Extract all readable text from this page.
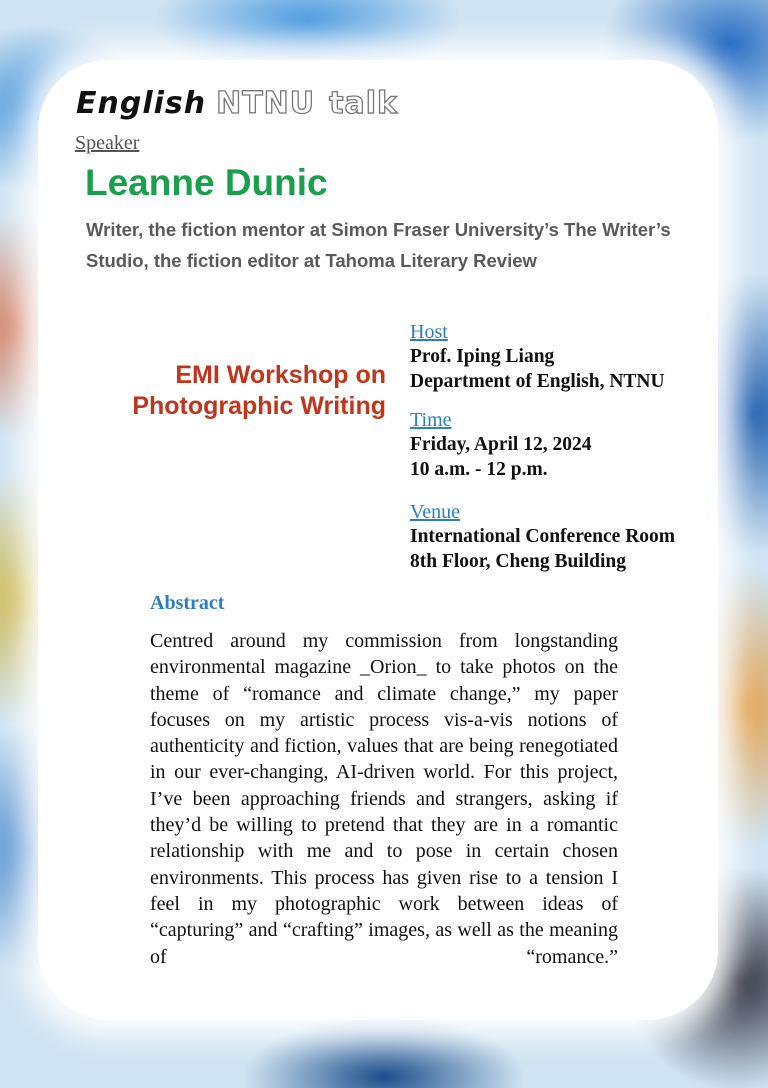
English NTNU talk
Speaker
Leanne Dunic
Writer, the fiction mentor at Simon Fraser University’s The Writer’s Studio, the fiction editor at Tahoma Literary Review
EMI Workshop on
Photographic Writing
Host
Prof. Iping Liang
Department of English, NTNU
Time
Friday, April 12, 2024
10 a.m. - 12 p.m.
Venue
International Conference Room
8th Floor, Cheng Building
Abstract
Centred around my commission from longstanding environmental magazine _Orion_ to take photos on the theme of “romance and climate change,” my paper focuses on my artistic process vis-a-vis notions of authenticity and fiction, values that are being renegotiated in our ever-changing, AI-driven world. For this project, I’ve been approaching friends and strangers, asking if they’d be willing to pretend that they are in a romantic relationship with me and to pose in certain chosen environments. This process has given rise to a tension I feel in my photographic work between ideas of “capturing” and “crafting” images, as well as the meaning of “romance.”
